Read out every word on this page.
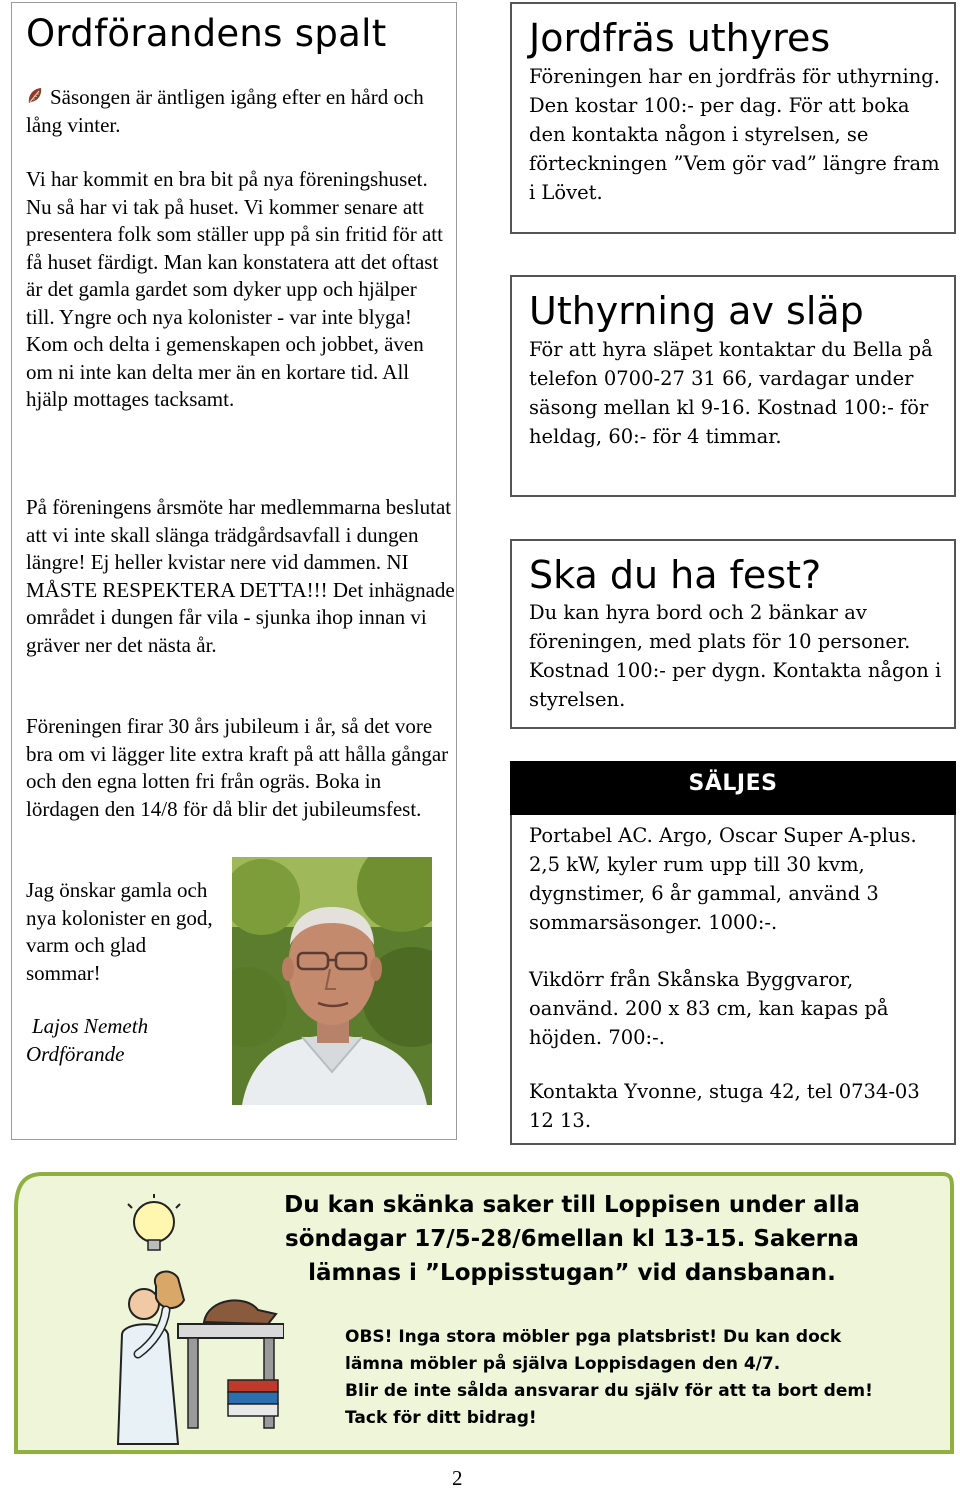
Ordförandens spalt

Säsongen är äntligen igång efter en hård och lång vinter.

Vi har kommit en bra bit på nya föreningshuset. Nu så har vi tak på huset. Vi kommer senare att presentera folk som ställer upp på sin fritid för att få huset färdigt. Man kan konstatera att det oftast är det gamla gardet som dyker upp och hjälper till. Yngre och nya kolonister - var inte blyga! Kom och delta i gemenskapen och jobbet, även om ni inte kan delta mer än en kortare tid. All hjälp mottages tacksamt.

På föreningens årsmöte har medlemmarna beslutat att vi inte skall slänga trädgårdsavfall i dungen längre! Ej heller kvistar nere vid dammen. NI MÅSTE RESPEKTERA DETTA!!! Det inhägnade området i dungen får vila - sjunka ihop innan vi gräver ner det nästa år.

Föreningen firar 30 års jubileum i år, så det vore bra om vi lägger lite extra kraft på att hålla gångar och den egna lotten fri från ogräs. Boka in lördagen den 14/8 för då blir det jubileumsfest.

Jag önskar gamla och nya kolonister en god, varm och glad sommar!

Lajos Nemeth
Ordförande

Jordfräs uthyres

Föreningen har en jordfräs för uthyrning. Den kostar 100:- per dag. För att boka den kontakta någon i styrelsen, se förteckningen ”Vem gör vad” längre fram i Lövet.

Uthyrning av släp

För att hyra släpet kontaktar du Bella på telefon 0700-27 31 66, vardagar under säsong mellan kl 9-16. Kostnad 100:- för heldag, 60:- för 4 timmar.

Ska du ha fest?

Du kan hyra bord och 2 bänkar av föreningen, med plats för 10 personer. Kostnad 100:- per dygn. Kontakta någon i styrelsen.

SÄLJES

Portabel AC. Argo, Oscar Super A-plus. 2,5 kW, kyler rum upp till 30 kvm, dygnstimer, 6 år gammal, använd 3 sommarsäsonger. 1000:-.

Vikdörr från Skånska Byggvaror, oanvänd. 200 x 83 cm, kan kapas på höjden. 700:-.

Kontakta Yvonne, stuga 42, tel 0734-03 12 13.

Du kan skänka saker till Loppisen under alla söndagar 17/5-28/6mellan kl 13-15. Sakerna lämnas i ”Loppisstugan” vid dansbanan.

OBS! Inga stora möbler pga platsbrist! Du kan dock
lämna möbler på själva Loppisdagen den 4/7.
Blir de inte sålda ansvarar du själv för att ta bort dem!
Tack för ditt bidrag!

2
